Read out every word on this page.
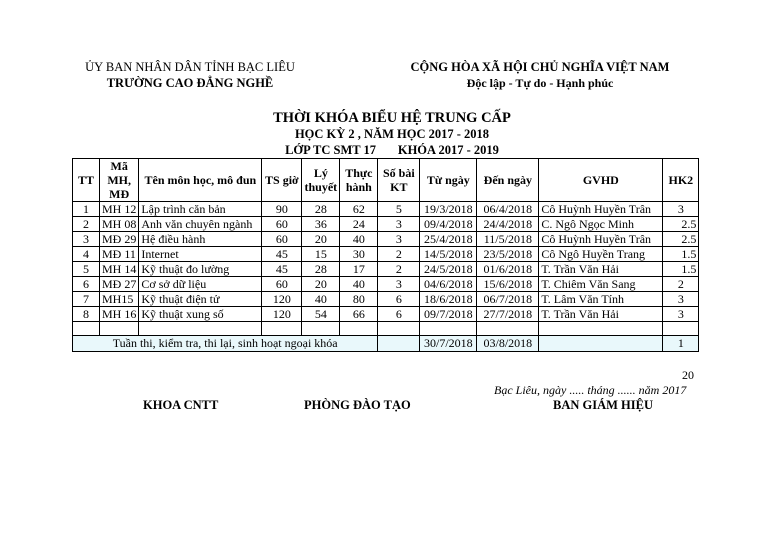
ỦY BAN NHÂN DÂN TỈNH BẠC LIÊU
TRƯỜNG CAO ĐẲNG NGHỀ
CỘNG HÒA XÃ HỘI CHỦ NGHĨA VIỆT NAM
Độc lập - Tự do - Hạnh phúc
THỜI KHÓA BIỂU HỆ TRUNG CẤP
HỌC KỲ 2 , NĂM HỌC 2017 - 2018
LỚP TC SMT 17       KHÓA 2017 - 2019
TT	Mã MH, MĐ	Tên môn học, mô đun	TS giờ	Lý thuyết	Thực hành	Số bài KT	Từ ngày	Đến ngày	GVHD	HK2
1	MH 12	Lập trình căn bản	90	28	62	5	19/3/2018	06/4/2018	Cô Huỳnh Huyền Trân	3
2	MH 08	Anh văn chuyên ngành	60	36	24	3	09/4/2018	24/4/2018	C. Ngô Ngọc Minh	2.5
3	MĐ 29	Hệ điều hành	60	20	40	3	25/4/2018	11/5/2018	Cô Huỳnh Huyền Trân	2.5
4	MĐ 11	Internet	45	15	30	2	14/5/2018	23/5/2018	Cô Ngô Huyền Trang	1.5
5	MH 14	Kỹ thuật đo lường	45	28	17	2	24/5/2018	01/6/2018	T. Trần Văn Hải	1.5
6	MĐ 27	Cơ sở dữ liệu	60	20	40	3	04/6/2018	15/6/2018	T. Chiêm Văn Sang	2
7	MH15	Kỹ thuật điện tử	120	40	80	6	18/6/2018	06/7/2018	T. Lâm Văn Tính	3
8	MH 16	Kỹ thuật xung số	120	54	66	6	09/7/2018	27/7/2018	T. Trần Văn Hải	3

Tuần thi, kiểm tra, thi lại, sinh hoạt ngoại khóa							30/7/2018	03/8/2018		1
20
Bạc Liêu, ngày ..... tháng ...... năm 2017
KHOA CNTT	PHÒNG ĐÀO TẠO	BAN GIÁM HIỆU
